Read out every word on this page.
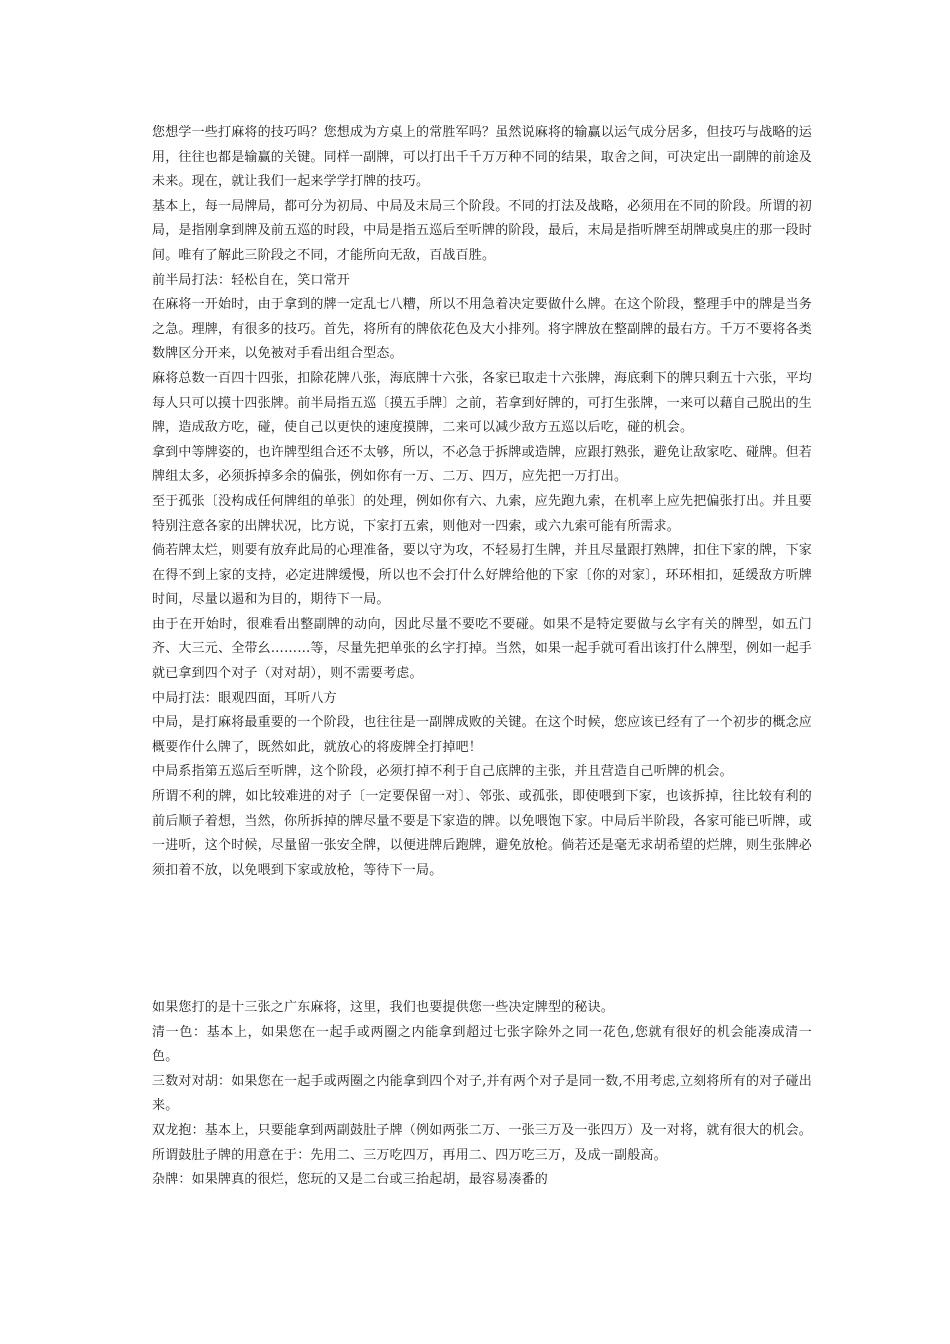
您想学一些打麻将的技巧吗？您想成为方桌上的常胜军吗？虽然说麻将的输赢以运气成分居多，但技巧与战略的运用，往往也都是输赢的关键。同样一副牌，可以打出千千万万种不同的结果，取舍之间，可决定出一副牌的前途及未来。现在，就让我们一起来学学打牌的技巧。

基本上，每一局牌局，都可分为初局、中局及末局三个阶段。不同的打法及战略，必须用在不同的阶段。所谓的初局，是指刚拿到牌及前五巡的时段，中局是指五巡后至听牌的阶段，最后，末局是指听牌至胡牌或臭庄的那一段时间。唯有了解此三阶段之不同，才能所向无敌，百战百胜。

前半局打法：轻松自在，笑口常开

在麻将一开始时，由于拿到的牌一定乱七八糟，所以不用急着决定要做什么牌。在这个阶段，整理手中的牌是当务之急。理牌，有很多的技巧。首先，将所有的牌依花色及大小排列。将字牌放在整副牌的最右方。千万不要将各类数牌区分开来，以免被对手看出组合型态。

麻将总数一百四十四张，扣除花牌八张，海底牌十六张，各家已取走十六张牌，海底剩下的牌只剩五十六张，平均每人只可以摸十四张牌。前半局指五巡〔摸五手牌〕之前，若拿到好牌的，可打生张牌，一来可以藉自己脱出的生牌，造成敌方吃，碰，使自己以更快的速度摸牌，二来可以减少敌方五巡以后吃，碰的机会。

拿到中等牌姿的，也许牌型组合还不太够，所以，不必急于拆牌或造牌，应跟打熟张，避免让敌家吃、碰牌。但若牌组太多，必须拆掉多余的偏张，例如你有一万、二万、四万，应先把一万打出。

至于孤张〔没构成任何牌组的单张〕的处理，例如你有六、九索，应先跑九索，在机率上应先把偏张打出。并且要特别注意各家的出牌状况，比方说，下家打五索，则他对一四索，或六九索可能有所需求。

倘若牌太烂，则要有放弃此局的心理准备，要以守为攻，不轻易打生牌，并且尽量跟打熟牌，扣住下家的牌，下家在得不到上家的支持，必定进牌缓慢，所以也不会打什么好牌给他的下家〔你的对家〕，环环相扣，延缓敌方听牌时间，尽量以遏和为目的，期待下一局。

由于在开始时，很难看出整副牌的动向，因此尽量不要吃不要碰。如果不是特定要做与幺字有关的牌型，如五门齐、大三元、全带幺………等，尽量先把单张的幺字打掉。当然，如果一起手就可看出该打什么牌型，例如一起手就已拿到四个对子（对对胡），则不需要考虑。

中局打法：眼观四面，耳听八方

中局，是打麻将最重要的一个阶段，也往往是一副牌成败的关键。在这个时候，您应该已经有了一个初步的概念应概要作什么牌了，既然如此，就放心的将废牌全打掉吧！

中局系指第五巡后至听牌，这个阶段，必须打掉不利于自己底牌的主张，并且营造自己听牌的机会。

所谓不利的牌，如比较难进的对子〔一定要保留一对〕、邻张、或孤张，即使喂到下家，也该拆掉，往比较有利的前后顺子着想，当然，你所拆掉的牌尽量不要是下家造的牌。以免喂饱下家。中局后半阶段，各家可能已听牌，或一进听，这个时候，尽量留一张安全牌，以便进牌后跑牌，避免放枪。倘若还是毫无求胡希望的烂牌，则生张牌必须扣着不放，以免喂到下家或放枪，等待下一局。

如果您打的是十三张之广东麻将，这里，我们也要提供您一些决定牌型的秘诀。

清一色：基本上，如果您在一起手或两圈之内能拿到超过七张字除外之同一花色,您就有很好的机会能凑成清一色。

三数对对胡：如果您在一起手或两圈之内能拿到四个对子,并有两个对子是同一数,不用考虑,立刻将所有的对子碰出来。

双龙抱：基本上，只要能拿到两副鼓肚子牌（例如两张二万、一张三万及一张四万）及一对将，就有很大的机会。

所谓鼓肚子牌的用意在于：先用二、三万吃四万，再用二、四万吃三万，及成一副般高。

杂牌：如果牌真的很烂，您玩的又是二台或三抬起胡，最容易凑番的
